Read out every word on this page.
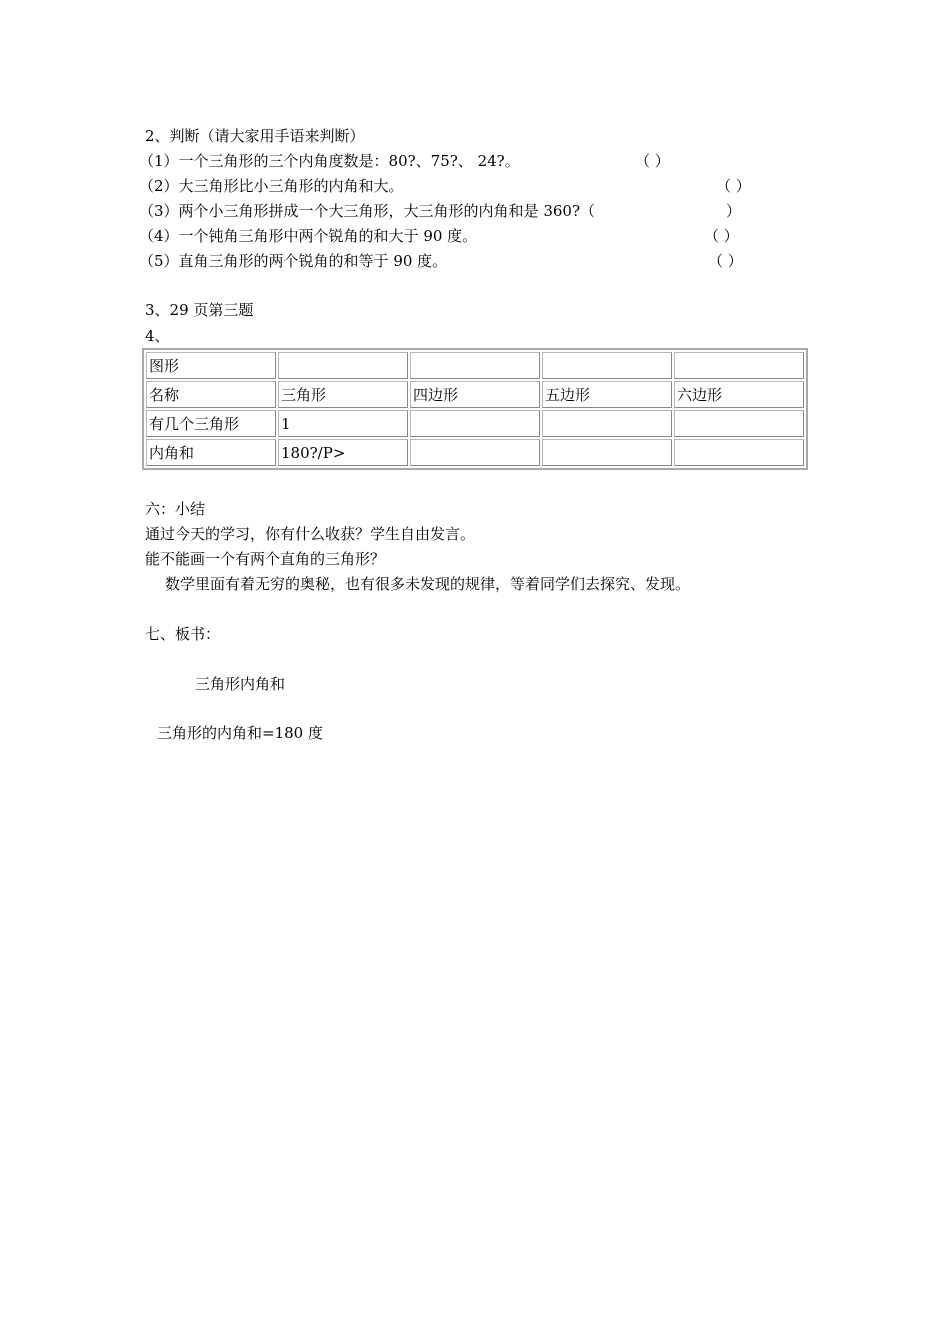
2、判断（请大家用手语来判断）
（1）一个三角形的三个内角度数是：80?、75?、 24?。	（ ）
（2）大三角形比小三角形的内角和大。	（ ）
（3）两个小三角形拼成一个大三角形，大三角形的内角和是 360?（	）
（4）一个钝角三角形中两个锐角的和大于 90 度。	（ ）
（5）直角三角形的两个锐角的和等于 90 度。	（ ）
3、29 页第三题
4、
图形				
名称	三角形	四边形	五边形	六边形
有几个三角形	1			
内角和	180?/P>			
六：小结
通过今天的学习，你有什么收获？学生自由发言。
能不能画一个有两个直角的三角形？
数学里面有着无穷的奥秘，也有很多未发现的规律，等着同学们去探究、发现。
七、板书：
三角形内角和
三角形的内角和=180 度
